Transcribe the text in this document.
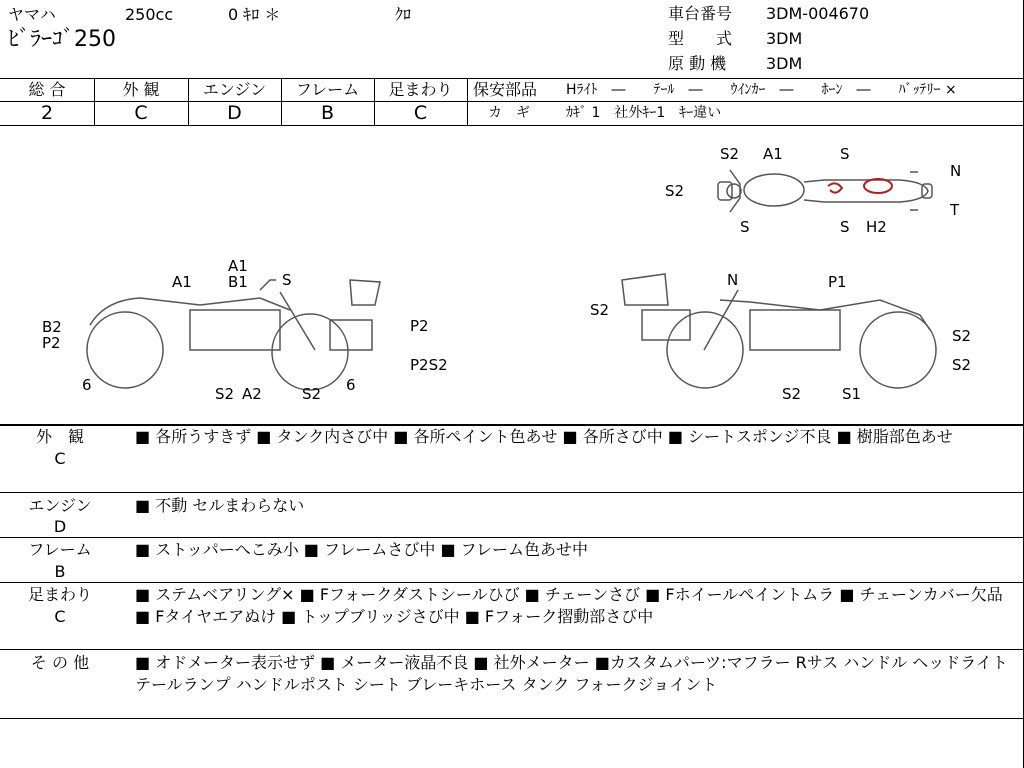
ヤマハ	250cc	0 ｷﾛ ＊	ｸﾛ
ﾋﾞﾗｰｺﾞ250
車台番号 3DM-004670
型　　式 3DM
原 動 機 3DM
総 合
2
外 観
C
エンジン
D
フレーム
B
足まわり
C
保安部品 Hﾗｲﾄ　―　　ﾃｰﾙ　―　　ｳｲﾝｶｰ　―　　ﾎｰﾝ　―　　ﾊﾞｯﾃﾘｰ ×
カ　ギ	ｶｷﾞ 1　社外ｷｰ1　ｷｰ違い
S2 A1	S
N
S2
S	S H2
T
A1
A1 B1 S
B2
P2
P2
P2S2
6	S2 A2	S2 6
N	P1
S2
S2
S2
S2	S1
外　観
C
■ 各所うすきず ■ タンク内さび中 ■ 各所ペイント色あせ ■ 各所さび中 ■ シートスポンジ不良 ■ 樹脂部色あせ
エンジン
D
■ 不動 セルまわらない
フレーム
B
■ ストッパーへこみ小 ■ フレームさび中 ■ フレーム色あせ中
足まわり
C
■ ステムベアリング× ■ Fフォークダストシールひび ■ チェーンさび ■ Fホイールペイントムラ ■ チェーンカバー欠品 ■ Fタイヤエアぬけ ■ トップブリッジさび中 ■ Fフォーク摺動部さび中
そ の 他	■ オドメーター表示せず ■ メーター液晶不良 ■ 社外メーター ■カスタムパーツ:マフラー Rサス ハンドル ヘッドライト テールランプ ハンドルポスト シート ブレーキホース タンク フォークジョイント
